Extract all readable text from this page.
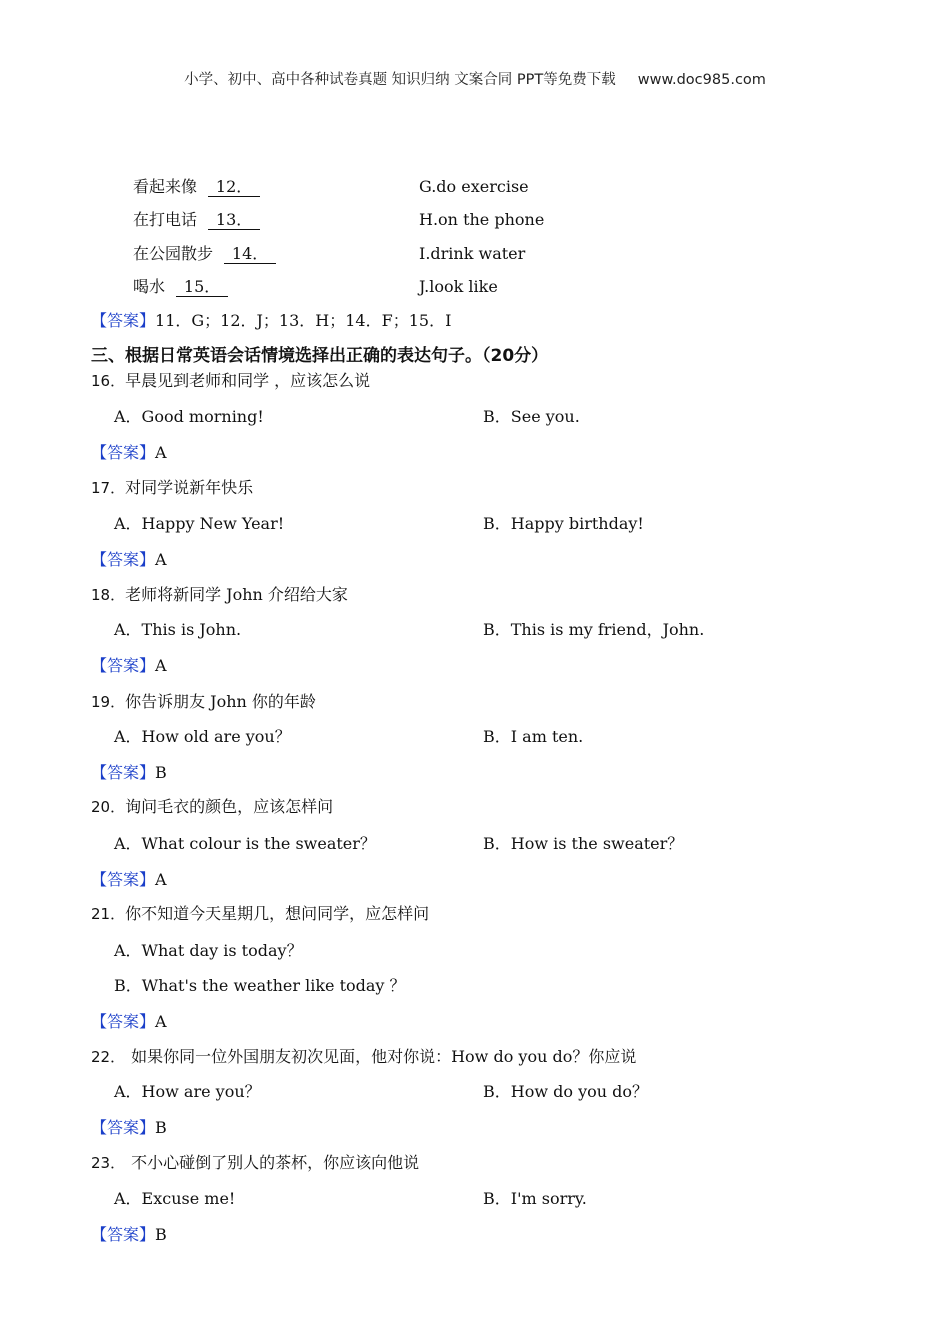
小学、初中、高中各种试卷真题 知识归纳 文案合同 PPT等免费下载 www.doc985.com
看起来像 12．	G.do exercise
在打电话 13．	H.on the phone
在公园散步 14．	I.drink water
喝水 15．	J.look like
【答案】11．G；12．J；13．H；14．F；15．I
三、根据日常英语会话情境选择出正确的表达句子。（20分）
16．早晨见到老师和同学 ，应该怎么说
A．Good morning!	B．See you.
【答案】A
17．对同学说新年快乐
A．Happy New Year!	B．Happy birthday!
【答案】A
18．老师将新同学 John 介绍给大家
A．This is John.	B．This is my friend，John.
【答案】A
19．你告诉朋友 John 你的年龄
A．How old are you？	B．I am ten.
【答案】B
20．询问毛衣的颜色，应该怎样问
A．What colour is the sweater？	B．How is the sweater？
【答案】A
21．你不知道今天星期几，想问同学，应怎样问
A．What day is today？
B．What's the weather like today ？
【答案】A
22． 如果你同一位外国朋友初次见面，他对你说：How do you do？你应说
A．How are you？	B．How do you do？
【答案】B
23． 不小心碰倒了别人的茶杯，你应该向他说
A．Excuse me!	B．I'm sorry.
【答案】B
